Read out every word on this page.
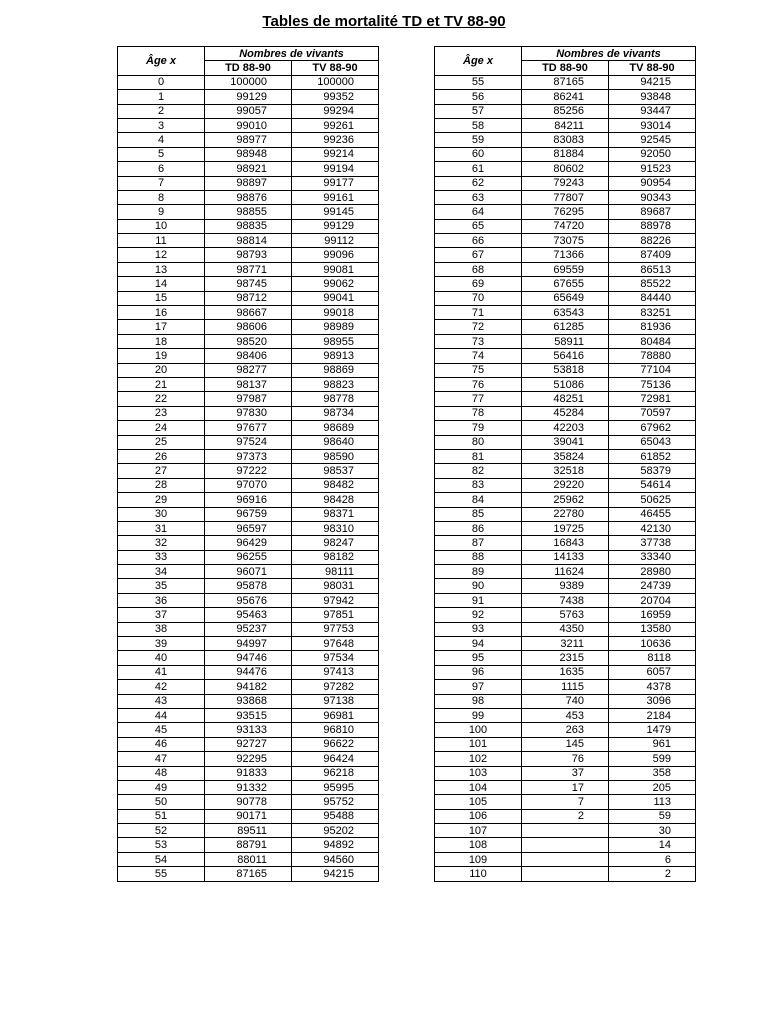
Tables de mortalité TD et TV 88-90
Âge x	Nombres de vivants	
	TD 88-90	TV 88-90
0	100000	100000
1	99129	99352
2	99057	99294
3	99010	99261
4	98977	99236
5	98948	99214
6	98921	99194
7	98897	99177
8	98876	99161
9	98855	99145
10	98835	99129
11	98814	99112
12	98793	99096
13	98771	99081
14	98745	99062
15	98712	99041
16	98667	99018
17	98606	98989
18	98520	98955
19	98406	98913
20	98277	98869
21	98137	98823
22	97987	98778
23	97830	98734
24	97677	98689
25	97524	98640
26	97373	98590
27	97222	98537
28	97070	98482
29	96916	98428
30	96759	98371
31	96597	98310
32	96429	98247
33	96255	98182
34	96071	98111
35	95878	98031
36	95676	97942
37	95463	97851
38	95237	97753
39	94997	97648
40	94746	97534
41	94476	97413
42	94182	97282
43	93868	97138
44	93515	96981
45	93133	96810
46	92727	96622
47	92295	96424
48	91833	96218
49	91332	95995
50	90778	95752
51	90171	95488
52	89511	95202
53	88791	94892
54	88011	94560
55	87165	94215
Âge x	Nombres de vivants	
	TD 88-90	TV 88-90
55	87165	94215
56	86241	93848
57	85256	93447
58	84211	93014
59	83083	92545
60	81884	92050
61	80602	91523
62	79243	90954
63	77807	90343
64	76295	89687
65	74720	88978
66	73075	88226
67	71366	87409
68	69559	86513
69	67655	85522
70	65649	84440
71	63543	83251
72	61285	81936
73	58911	80484
74	56416	78880
75	53818	77104
76	51086	75136
77	48251	72981
78	45284	70597
79	42203	67962
80	39041	65043
81	35824	61852
82	32518	58379
83	29220	54614
84	25962	50625
85	22780	46455
86	19725	42130
87	16843	37738
88	14133	33340
89	11624	28980
90	9389	24739
91	7438	20704
92	5763	16959
93	4350	13580
94	3211	10636
95	2315	8118
96	1635	6057
97	1115	4378
98	740	3096
99	453	2184
100	263	1479
101	145	961
102	76	599
103	37	358
104	17	205
105	7	113
106	2	59
107		30
108		14
109		6
110		2
